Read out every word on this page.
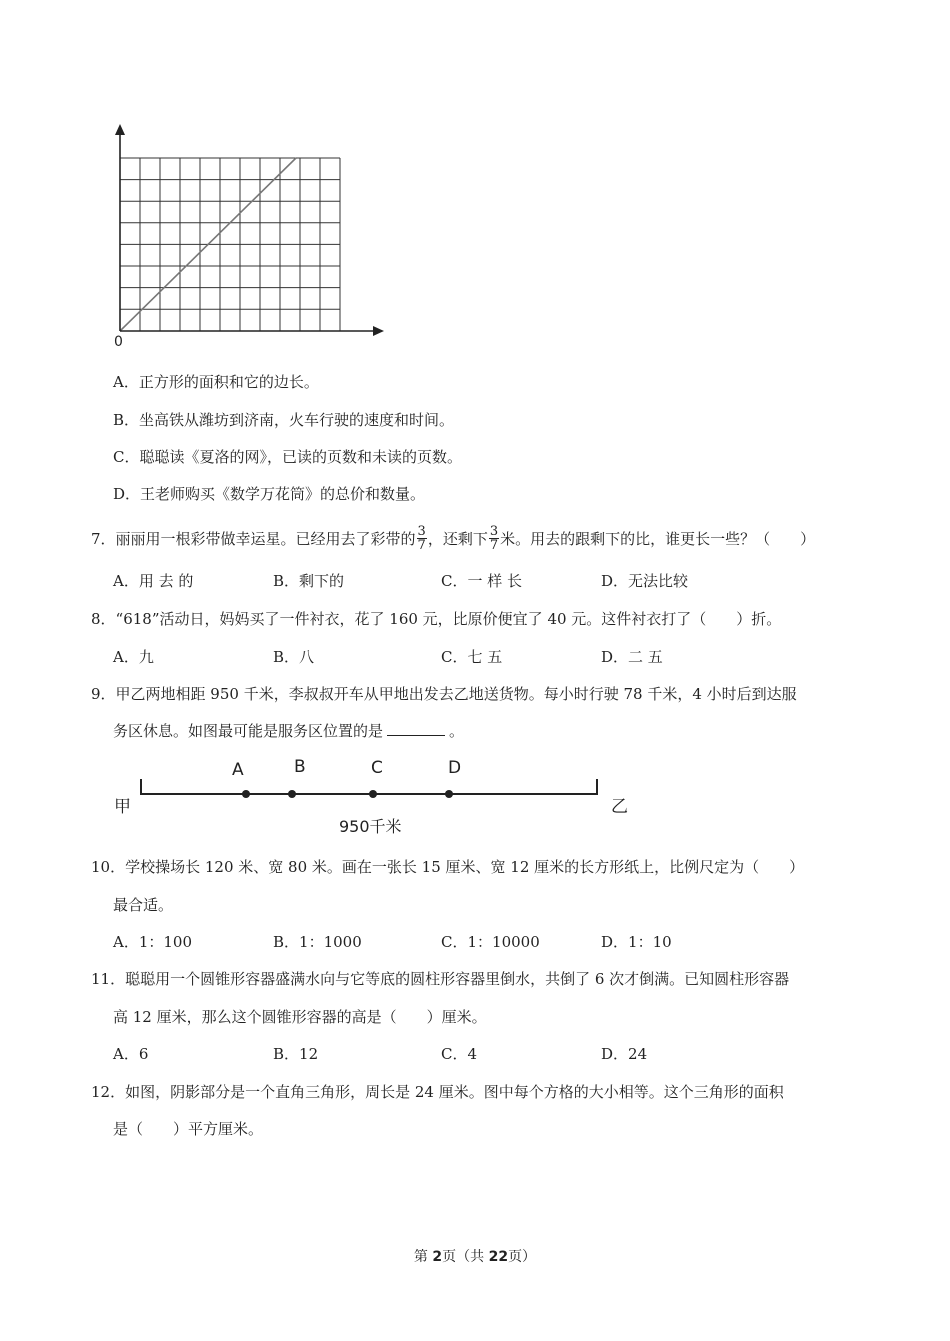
0
A．正方形的面积和它的边长。
B．坐高铁从潍坊到济南，火车行驶的速度和时间。
C．聪聪读《夏洛的网》，已读的页数和未读的页数。
D．王老师购买《数学万花筒》的总价和数量。
7．丽丽用一根彩带做幸运星。已经用去了彩带的 $\frac{3}{7}$ ，还剩下 $\frac{3}{7}$ 米。用去的跟剩下的比，谁更长一些？（　　）
A．用 去 的	B．剩下的	C．一 样 长	D．无法比较
8．“618”活动日，妈妈买了一件衬衣，花了 160 元，比原价便宜了 40 元。这件衬衣打了（　　）折。
A．九	B．八	C．七 五	D．二 五
9．甲乙两地相距 950 千米，李叔叔开车从甲地出发去乙地送货物。每小时行驶 78 千米，4 小时后到达服
务区休息。如图最可能是服务区位置的是	。
甲	乙
A	B	C	D
950千米
10．学校操场长 120 米、宽 80 米。画在一张长 15 厘米、宽 12 厘米的长方形纸上，比例尺定为（　　）
最合适。
A．1：100	B．1：1000	C．1：10000	D．1：10
11．聪聪用一个圆锥形容器盛满水向与它等底的圆柱形容器里倒水，共倒了 6 次才倒满。已知圆柱形容器
高 12 厘米，那么这个圆锥形容器的高是（　　）厘米。
A．6	B．12	C．4	D．24
12．如图，阴影部分是一个直角三角形，周长是 24 厘米。图中每个方格的大小相等。这个三角形的面积
是（　　）平方厘米。
第 2页（共 22页）
